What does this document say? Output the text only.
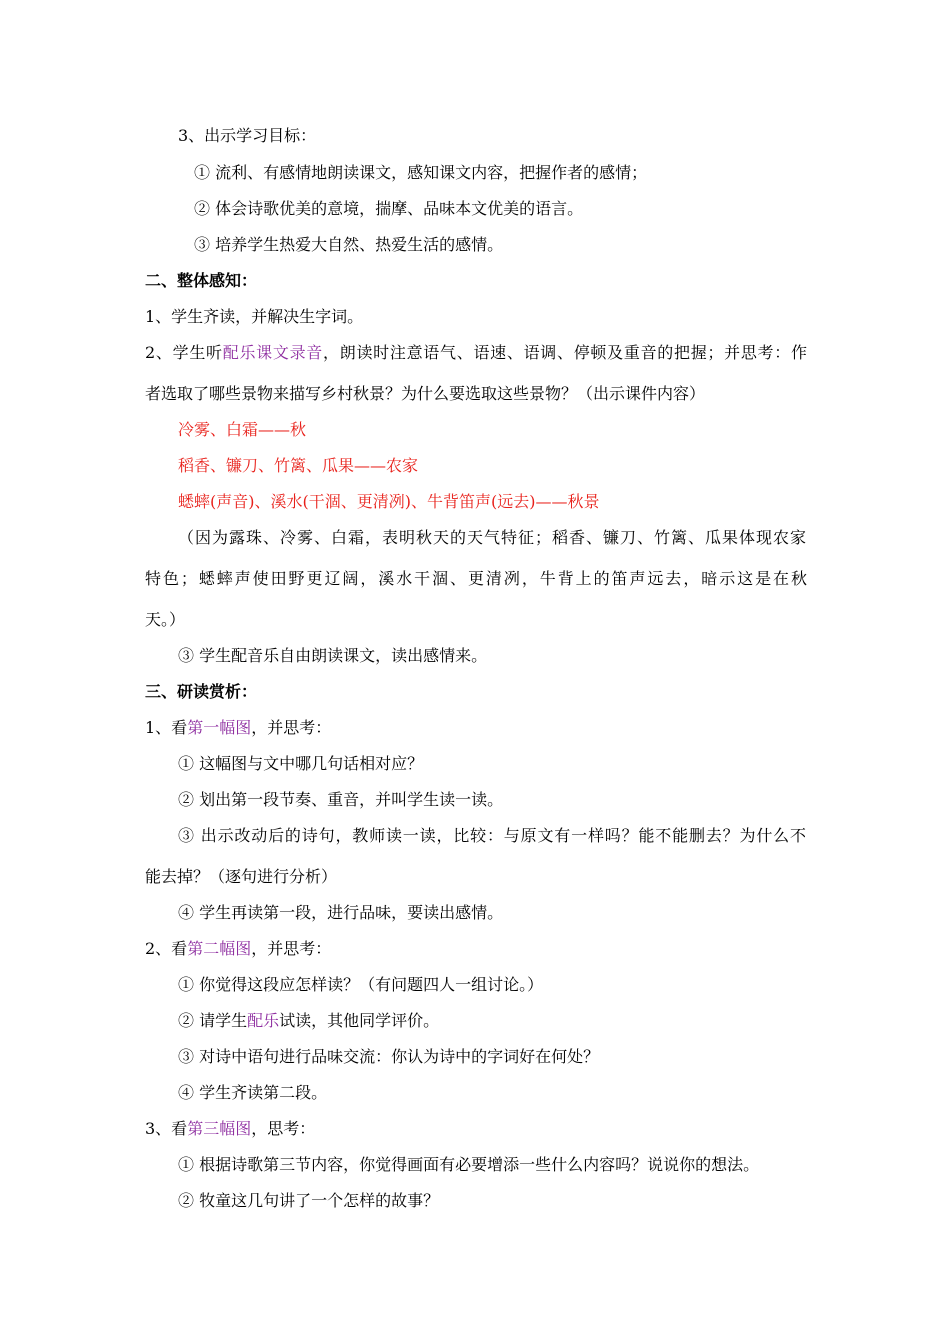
3、出示学习目标：
① 流利、有感情地朗读课文，感知课文内容，把握作者的感情；
② 体会诗歌优美的意境，揣摩、品味本文优美的语言。
③ 培养学生热爱大自然、热爱生活的感情。
二、整体感知：
1、学生齐读，并解决生字词。
2、学生听配乐课文录音，朗读时注意语气、语速、语调、停顿及重音的把握；并思考：作
者选取了哪些景物来描写乡村秋景？为什么要选取这些景物？（出示课件内容）
冷雾、白霜——秋
稻香、镰刀、竹篱、瓜果——农家
蟋蟀(声音)、溪水(干涸、更清冽)、牛背笛声(远去)——秋景
（因为露珠、冷雾、白霜，表明秋天的天气特征；稻香、镰刀、竹篱、瓜果体现农家
特色；蟋蟀声使田野更辽阔，溪水干涸、更清冽，牛背上的笛声远去，暗示这是在秋
天。）
③ 学生配音乐自由朗读课文，读出感情来。
三、研读赏析：
1、看第一幅图，并思考：
① 这幅图与文中哪几句话相对应？
② 划出第一段节奏、重音，并叫学生读一读。
③ 出示改动后的诗句，教师读一读，比较：与原文有一样吗？能不能删去？为什么不
能去掉？（逐句进行分析）
④ 学生再读第一段，进行品味，要读出感情。
2、看第二幅图，并思考：
① 你觉得这段应怎样读？（有问题四人一组讨论。）
② 请学生配乐试读，其他同学评价。
③ 对诗中语句进行品味交流：你认为诗中的字词好在何处？
④ 学生齐读第二段。
3、看第三幅图，思考：
① 根据诗歌第三节内容，你觉得画面有必要增添一些什么内容吗？说说你的想法。
② 牧童这几句讲了一个怎样的故事？
